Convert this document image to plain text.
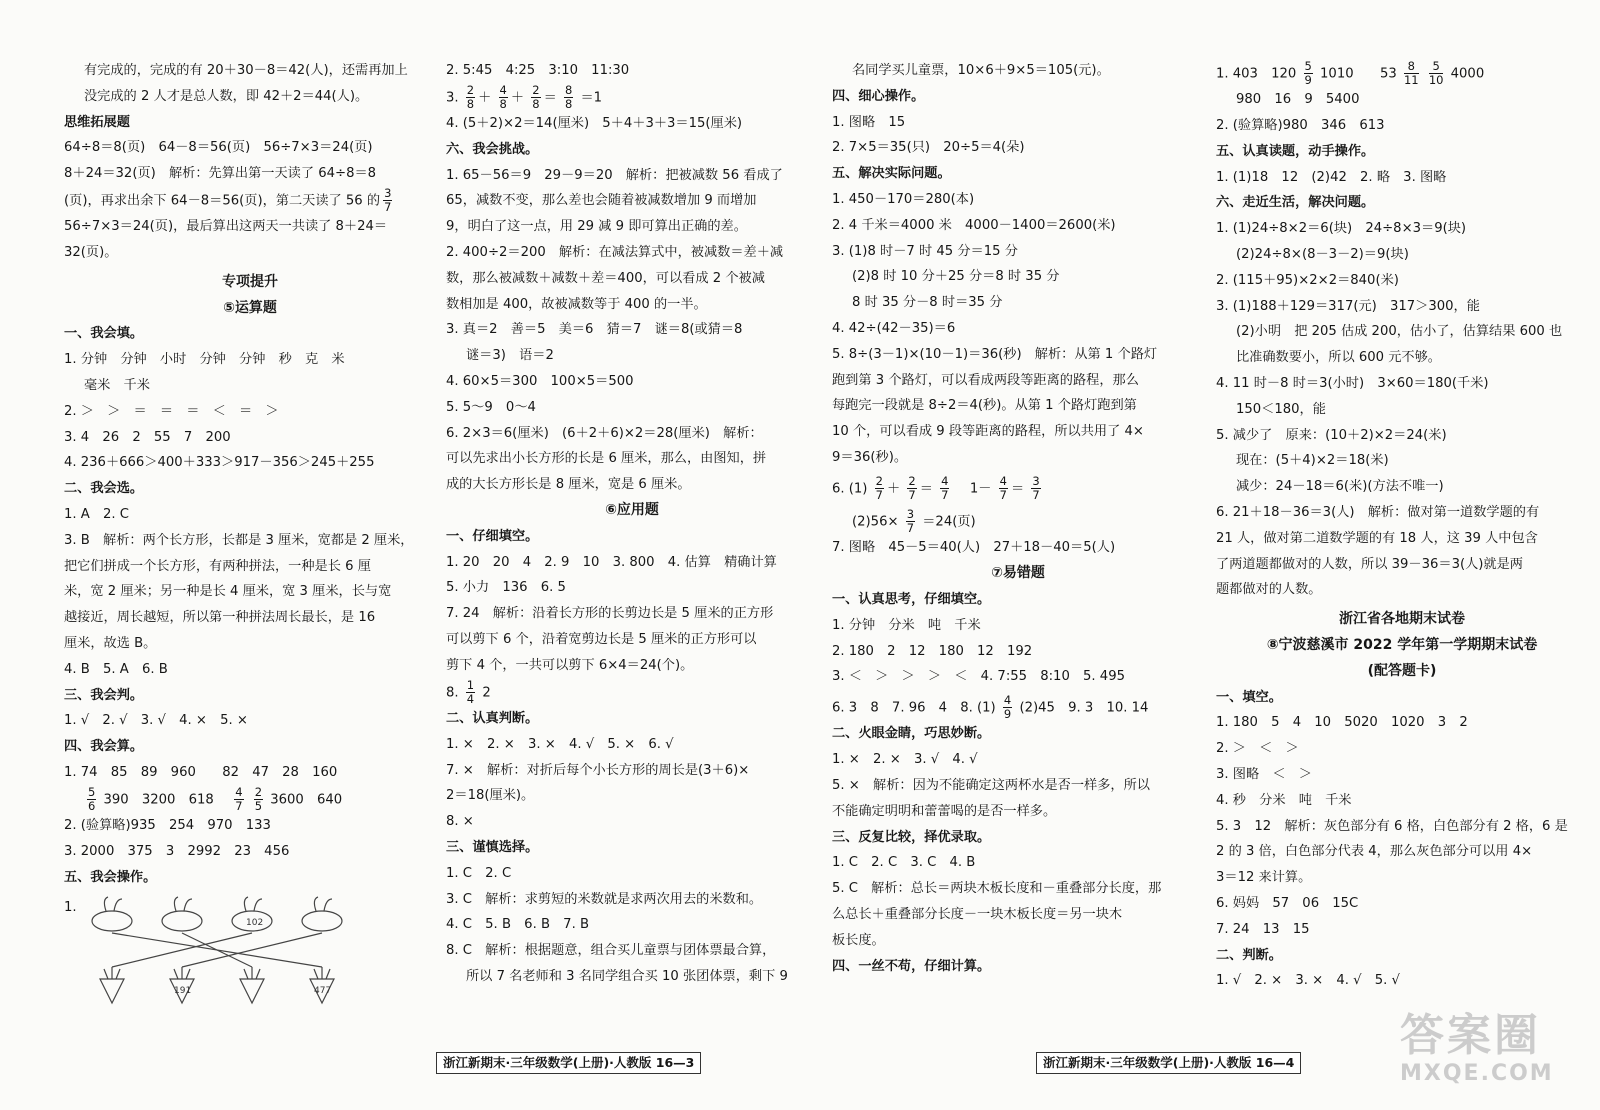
有完成的，完成的有 20＋30－8＝42(人)，还需再加上
没完成的 2 人才是总人数，即 42＋2＝44(人)。
思维拓展题
64÷8＝8(页)　64－8＝56(页)　56÷7×3＝24(页)
8＋24＝32(页)　解析：先算出第一天读了 64÷8＝8
(页)，再求出余下 64－8＝56(页)，第二天读了 56 的 $\frac{3}{7}$
56÷7×3＝24(页)，最后算出这两天一共读了 8＋24＝
32(页)。
专项提升
⑤运算题
一、我会填。
1. 分钟　分钟　小时　分钟　分钟　秒　克　米
毫米　千米
2. ＞　＞　＝　＝　＝　＜　＝　＞
3. 4　26　2　55　7　200
4. 236＋666＞400＋333＞917－356＞245＋255
二、我会选。
1. A　2. C
3. B　解析：两个长方形，长都是 3 厘米，宽都是 2 厘米，
把它们拼成一个长方形，有两种拼法，一种是长 6 厘
米，宽 2 厘米；另一种是长 4 厘米，宽 3 厘米，长与宽
越接近，周长越短，所以第一种拼法周长最长，是 16
厘米，故选 B。
4. B　5. A　6. B
三、我会判。
1. √　2. √　3. √　4. ×　5. ×
四、我会算。
1. 74　85　89　960　　82　47　28　160
$\frac{5}{6} 390$　3200　618　 $\frac{4}{7}$
$\frac{2}{5} 3600$　640
2. (验算略)935　254　970　133
3. 2000　375　3　2992　23　456
五、我会操作。
1.
102
191	477
2. 5:45　4:25　3:10　11:30
3. $\frac{2}{8} + \frac{4}{8} + \frac{2}{8} = \frac{8}{8} =1$
4. (5＋2)×2＝14(厘米)　5＋4＋3＋3＝15(厘米)
六、我会挑战。
1. 65－56＝9　29－9＝20　解析：把被减数 56 看成了
65，减数不变，那么差也会随着被减数增加 9 而增加
9，明白了这一点，用 29 减 9 即可算出正确的差。
2. 400÷2＝200　解析：在减法算式中，被减数＝差＋减
数，那么被减数＋减数＋差＝400，可以看成 2 个被减
数相加是 400，故被减数等于 400 的一半。
3. 真＝2　善＝5　美＝6　猜＝7　谜＝8(或猜＝8
谜＝3)　语＝2
4. 60×5＝300　100×5＝500
5. 5～9　0～4
6. 2×3＝6(厘米)　(6＋2＋6)×2＝28(厘米)　解析：
可以先求出小长方形的长是 6 厘米，那么，由图知，拼
成的大长方形长是 8 厘米，宽是 6 厘米。
⑥应用题
一、仔细填空。
1. 20　20　4　2. 9　10　3. 800　4. 估算　精确计算
5. 小力　136　6. 5
7. 24　解析：沿着长方形的长剪边长是 5 厘米的正方形
可以剪下 6 个，沿着宽剪边长是 5 厘米的正方形可以
剪下 4 个，一共可以剪下 6×4＝24(个)。
8. $\frac{1}{4} 2$
二、认真判断。
1. ×　2. ×　3. ×　4. √　5. ×　6. √
7. ×　解析：对折后每个小长方形的周长是(3＋6)×
2＝18(厘米)。
8. ×
三、谨慎选择。
1. C　2. C
3. C　解析：求剪短的米数就是求两次用去的米数和。
4. C　5. B　6. B　7. B
8. C　解析：根据题意，组合买儿童票与团体票最合算，
所以 7 名老师和 3 名同学组合买 10 张团体票，剩下 9
名同学买儿童票，10×6＋9×5＝105(元)。
四、细心操作。
1. 图略　15
2. 7×5＝35(只)　20÷5＝4(朵)
五、解决实际问题。
1. 450－170＝280(本)
2. 4 千米＝4000 米　4000－1400＝2600(米)
3. (1)8 时－7 时 45 分＝15 分
(2)8 时 10 分＋25 分＝8 时 35 分
8 时 35 分－8 时＝35 分
4. 42÷(42－35)＝6
5. 8÷(3－1)×(10－1)＝36(秒)　解析：从第 1 个路灯
跑到第 3 个路灯，可以看成两段等距离的路程，那么
每跑完一段就是 8÷2＝4(秒)。从第 1 个路灯跑到第
10 个，可以看成 9 段等距离的路程，所以共用了 4×
9＝36(秒)。
6. $(1) \frac{2}{7} + \frac{2}{7} = \frac{4}{7}$
　 $1- \frac{4}{7} = \frac{3}{7}$
$(2)56\times \frac{3}{7} =24$(页)
7. 图略　45－5＝40(人)　27＋18－40＝5(人)
⑦易错题
一、认真思考，仔细填空。
1. 分钟　分米　吨　千米
2. 180　2　12　180　12　192
3. ＜　＞　＞　＞　＜　4. 7:55　8:10　5. 495
6. 3　8　7. 96　4　8. $(1) \frac{4}{9} (2)45$　9. 3　10. 14
二、火眼金睛，巧思妙断。
1. ×　2. ×　3. √　4. √
5. ×　解析：因为不能确定这两杯水是否一样多，所以
不能确定明明和蕾蕾喝的是否一样多。
三、反复比较，择优录取。
1. C　2. C　3. C　4. B
5. C　解析：总长＝两块木板长度和－重叠部分长度，那
么总长＋重叠部分长度－一块木板长度＝另一块木
板长度。
四、一丝不苟，仔细计算。
1. 403　$120 \frac{5}{9} 1010$　　$53 \frac{8}{11}$
$\frac{5}{10} 4000$
980　16　9　5400
2. (验算略)980　346　613
五、认真读题，动手操作。
1. (1)18　12　(2)42　2. 略　3. 图略
六、走近生活，解决问题。
1. (1)24÷8×2＝6(块)　24÷8×3＝9(块)
(2)24÷8×(8－3－2)＝9(块)
2. (115＋95)×2×2＝840(米)
3. (1)188＋129＝317(元)　317＞300，能
(2)小明　把 205 估成 200，估小了，估算结果 600 也
比准确数要小，所以 600 元不够。
4. 11 时－8 时＝3(小时)　3×60＝180(千米)
150＜180，能
5. 减少了　原来：(10＋2)×2＝24(米)
现在：(5＋4)×2＝18(米)
减少：24－18＝6(米)(方法不唯一)
6. 21＋18－36＝3(人)　解析：做对第一道数学题的有
21 人，做对第二道数学题的有 18 人，这 39 人中包含
了两道题都做对的人数，所以 39－36＝3(人)就是两
题都做对的人数。
浙江省各地期末试卷
⑧宁波慈溪市 2022 学年第一学期期末试卷
(配答题卡)
一、填空。
1. 180　5　4　10　5020　1020　3　2
2. ＞　＜　＞
3. 图略　＜　＞
4. 秒　分米　吨　千米
5. 3　12　解析：灰色部分有 6 格，白色部分有 2 格，6 是
2 的 3 倍，白色部分代表 4，那么灰色部分可以用 4×
3＝12 来计算。
6. 妈妈　57　06　15C
7. 24　13　15
二、判断。
1. √　2. ×　3. ×　4. √　5. √
浙江新期末·三年级数学(上册)·人教版 16—3	浙江新期末·三年级数学(上册)·人教版 16—4
答案圈
MXQE.COM
